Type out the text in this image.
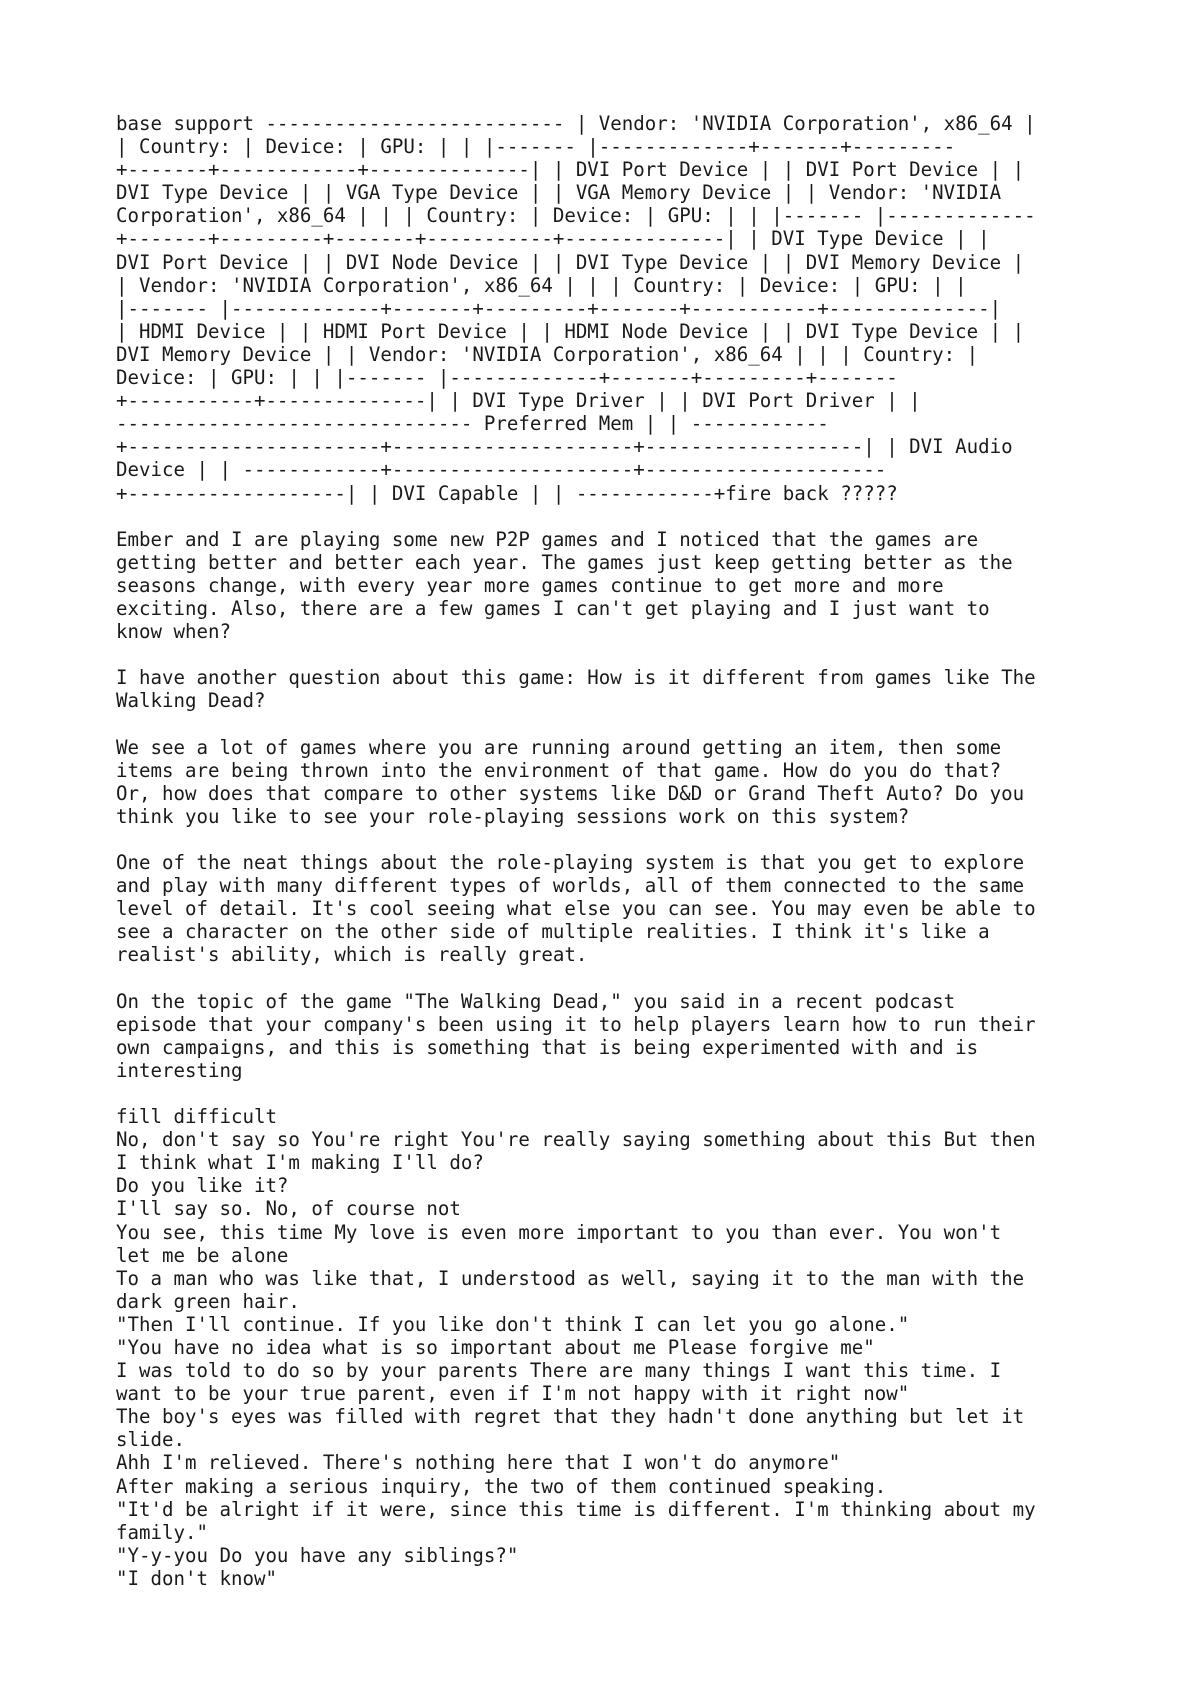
base support -------------------------- | Vendor: 'NVIDIA Corporation', x86_64 |
| Country: | Device: | GPU: | | |------- |-------------+-------+---------
+-------+------------+--------------| | DVI Port Device | | DVI Port Device | |
DVI Type Device | | VGA Type Device | | VGA Memory Device | | Vendor: 'NVIDIA
Corporation', x86_64 | | | Country: | Device: | GPU: | | |------- |-------------
+-------+---------+-------+-----------+--------------| | DVI Type Device | |
DVI Port Device | | DVI Node Device | | DVI Type Device | | DVI Memory Device |
| Vendor: 'NVIDIA Corporation', x86_64 | | | Country: | Device: | GPU: | |
|------- |-------------+-------+---------+-------+-----------+--------------|
| HDMI Device | | HDMI Port Device | | HDMI Node Device | | DVI Type Device | |
DVI Memory Device | | Vendor: 'NVIDIA Corporation', x86_64 | | | Country: |
Device: | GPU: | | |------- |-------------+-------+---------+-------
+-----------+--------------| | DVI Type Driver | | DVI Port Driver | |
------------------------------- Preferred Mem | | ------------
+----------------------+---------------------+-------------------| | DVI Audio
Device | | ------------+---------------------+---------------------
+-------------------| | DVI Capable | | ------------+fire back ?????
Ember and I are playing some new P2P games and I noticed that the games are
getting better and better each year. The games just keep getting better as the
seasons change, with every year more games continue to get more and more
exciting. Also, there are a few games I can't get playing and I just want to
know when?
I have another question about this game: How is it different from games like The
Walking Dead?
We see a lot of games where you are running around getting an item, then some
items are being thrown into the environment of that game. How do you do that?
Or, how does that compare to other systems like D&D or Grand Theft Auto? Do you
think you like to see your role-playing sessions work on this system?
One of the neat things about the role-playing system is that you get to explore
and play with many different types of worlds, all of them connected to the same
level of detail. It's cool seeing what else you can see. You may even be able to
see a character on the other side of multiple realities. I think it's like a
realist's ability, which is really great.
On the topic of the game "The Walking Dead," you said in a recent podcast
episode that your company's been using it to help players learn how to run their
own campaigns, and this is something that is being experimented with and is
interesting
fill difficult
No, don't say so You're right You're really saying something about this But then
I think what I'm making I'll do?
Do you like it?
I'll say so. No, of course not
You see, this time My love is even more important to you than ever. You won't
let me be alone
To a man who was like that, I understood as well, saying it to the man with the
dark green hair.
"Then I'll continue. If you like don't think I can let you go alone."
"You have no idea what is so important about me Please forgive me"
I was told to do so by your parents There are many things I want this time. I
want to be your true parent, even if I'm not happy with it right now"
The boy's eyes was filled with regret that they hadn't done anything but let it
slide.
Ahh I'm relieved. There's nothing here that I won't do anymore"
After making a serious inquiry, the two of them continued speaking.
"It'd be alright if it were, since this time is different. I'm thinking about my
family."
"Y-y-you Do you have any siblings?"
"I don't know"
